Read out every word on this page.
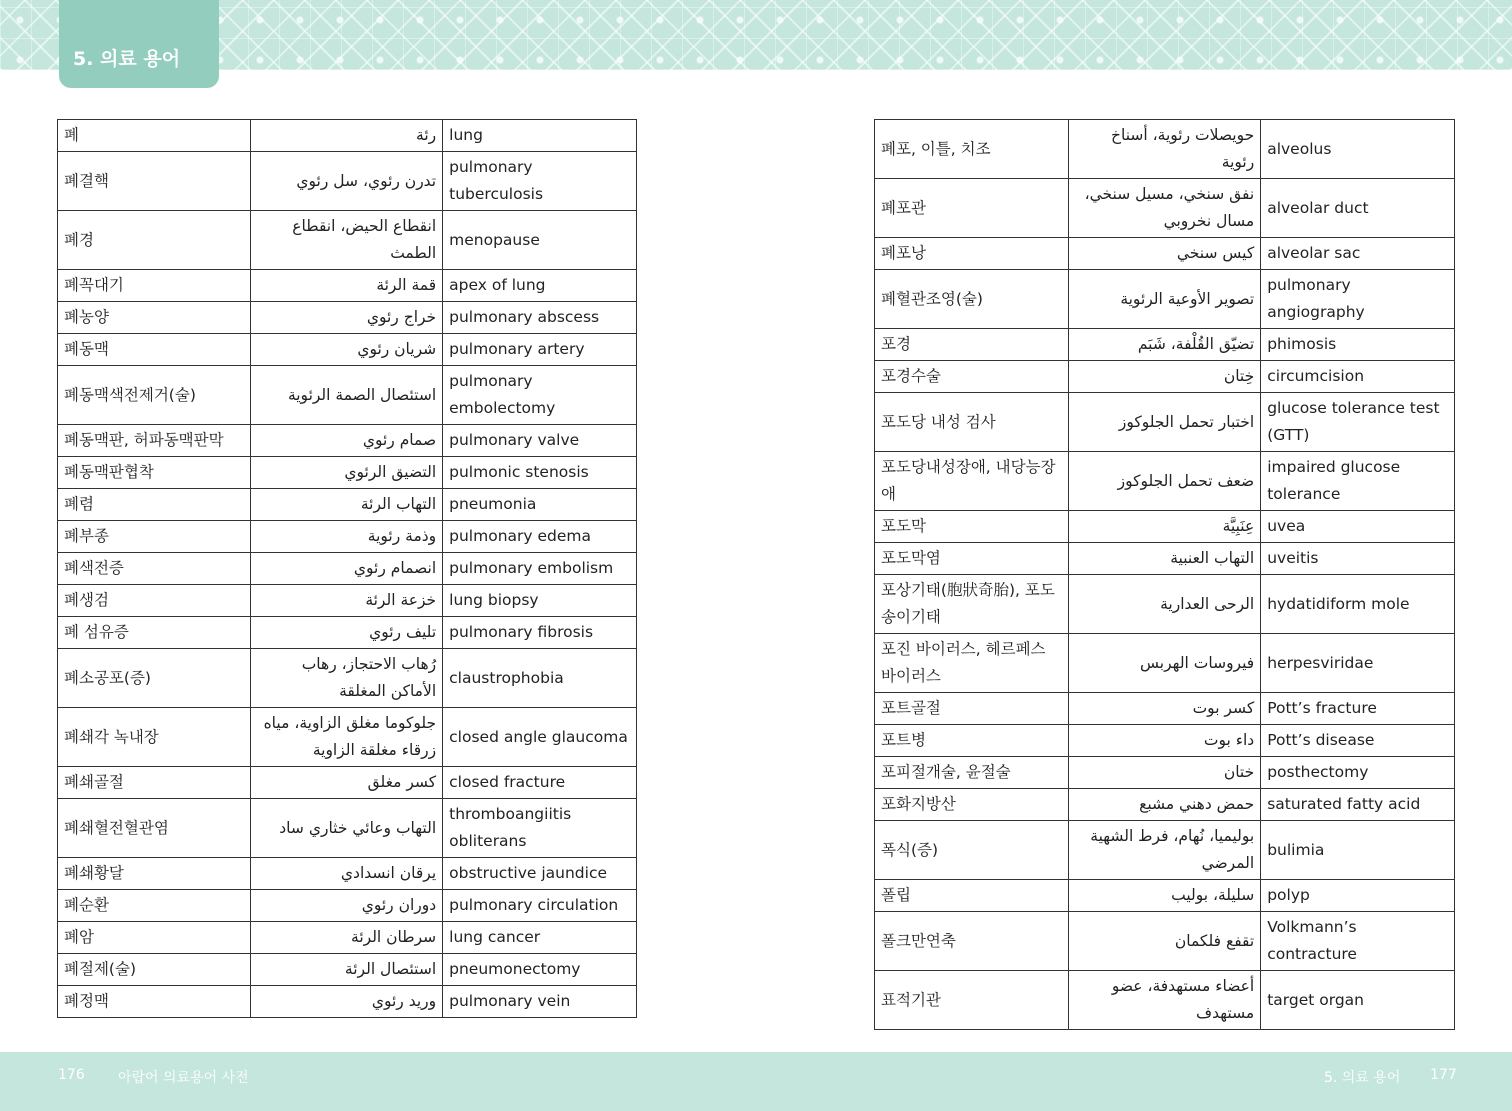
5. 의료 용어
폐	رئة	lung
폐결핵	تدرن رئوي، سل رئوي	pulmonary tuberculosis
폐경	انقطاع الحيض، انقطاع الطمث	menopause
폐꼭대기	قمة الرئة	apex of lung
폐농양	خراج رئوي	pulmonary abscess
폐동맥	شريان رئوي	pulmonary artery
폐동맥색전제거(술)	استئصال الصمة الرئوية	pulmonary embolectomy
폐동맥판, 허파동맥판막	صمام رئوي	pulmonary valve
폐동맥판협착	التضيق الرئوي	pulmonic stenosis
폐렴	التهاب الرئة	pneumonia
폐부종	وذمة رئوية	pulmonary edema
폐색전증	انصمام رئوي	pulmonary embolism
폐생검	خزعة الرئة	lung biopsy
폐 섬유증	تليف رئوي	pulmonary fibrosis
폐소공포(증)	رُهاب الاحتجاز، رهاب الأماكن المغلقة	claustrophobia
폐쇄각 녹내장	جلوكوما مغلق الزاوية، مياه زرقاء مغلقة الزاوية	closed angle glaucoma
폐쇄골절	كسر مغلق	closed fracture
폐쇄혈전혈관염	التهاب وعائي خثاري ساد	thromboangiitis obliterans
폐쇄황달	يرقان انسدادي	obstructive jaundice
폐순환	دوران رئوي	pulmonary circulation
폐암	سرطان الرئة	lung cancer
폐절제(술)	استئصال الرئة	pneumonectomy
폐정맥	وريد رئوي	pulmonary vein
폐포, 이틀, 치조	حويصلات رئوية، أسناخ رئوية	alveolus
폐포관	نفق سنخي، مسيل سنخي، مسال نخروبي	alveolar duct
폐포낭	كيس سنخي	alveolar sac
폐혈관조영(술)	تصوير الأوعية الرئوية	pulmonary angiography
포경	تضيّق القُلْفة، شَبَم	phimosis
포경수술	خِتان	circumcision
포도당 내성 검사	اختبار تحمل الجلوكوز	glucose tolerance test (GTT)
포도당내성장애, 내당능장애	ضعف تحمل الجلوكوز	impaired glucose tolerance
포도막	عِنَبِيَّة	uvea
포도막염	التهاب العنبية	uveitis
포상기태(胞狀奇胎), 포도송이기태	الرحى العدارية	hydatidiform mole
포진 바이러스, 헤르페스 바이러스	فيروسات الهربس	herpesviridae
포트골절	كسر بوت	Pott’s fracture
포트병	داء بوت	Pott’s disease
포피절개술, 윤절술	ختان	posthectomy
포화지방산	حمض دهني مشبع	saturated fatty acid
폭식(증)	بوليميا، نُهام، فرط الشهية المرضي	bulimia
폴립	سليلة، بوليب	polyp
폴크만연축	تقفع فلكمان	Volkmann’s contracture
표적기관	أعضاء مستهدفة، عضو مستهدف	target organ
176 아랍어 의료용어 사전	5. 의료 용어 177
